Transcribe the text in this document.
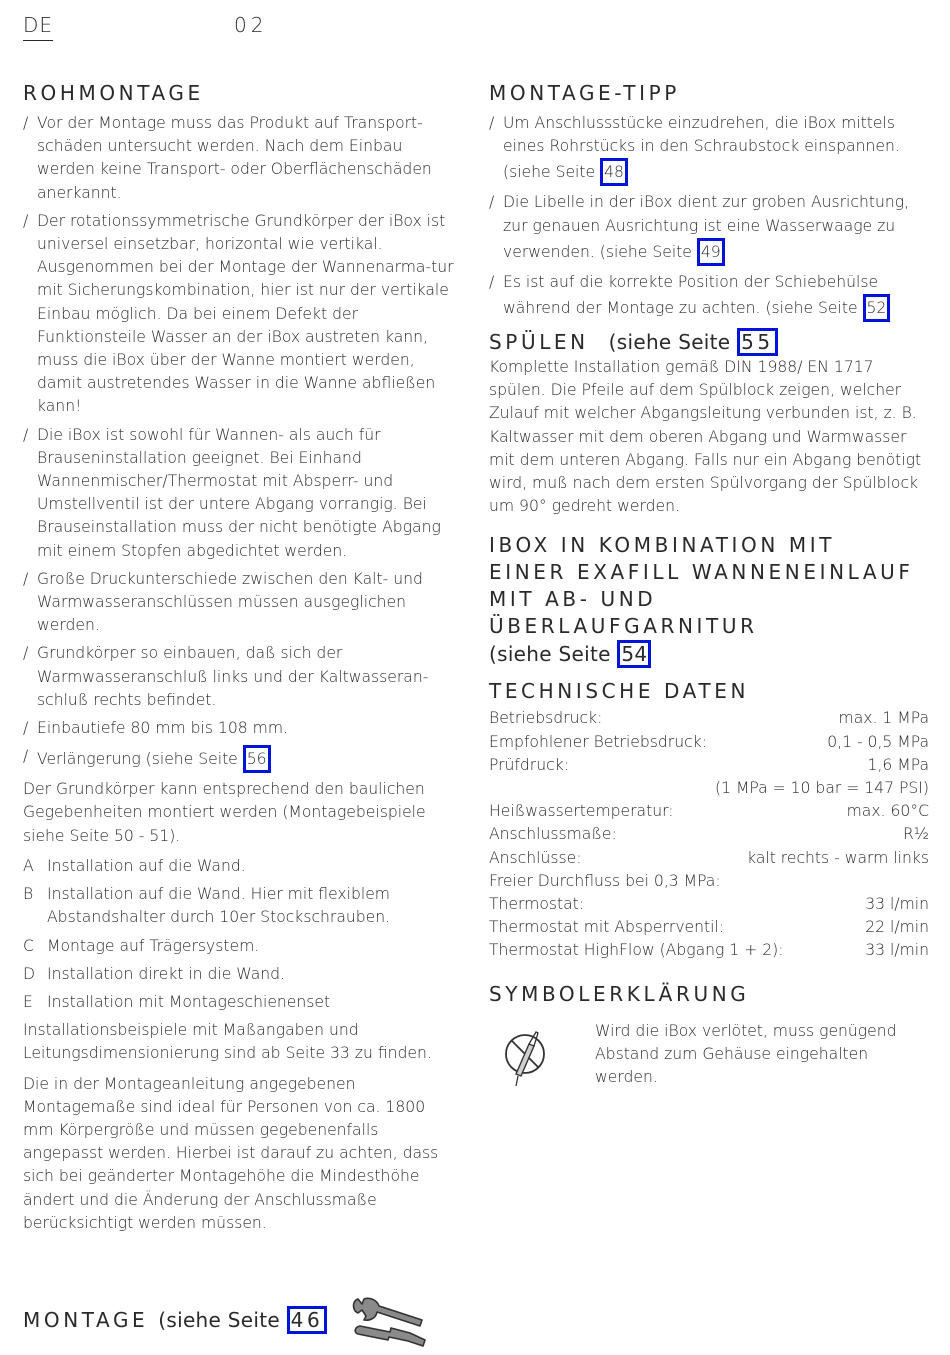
DE	02
ROHMONTAGE
/ Vor der Montage muss das Produkt auf Transport-schäden untersucht werden. Nach dem Einbau werden keine Transport- oder Oberflächenschäden anerkannt.
/ Der rotationssymmetrische Grundkörper der iBox ist universel einsetzbar, horizontal wie vertikal. Ausgenommen bei der Montage der Wannenarma-tur mit Sicherungskombination, hier ist nur der vertikale Einbau möglich. Da bei einem Defekt der Funktionsteile Wasser an der iBox austreten kann, muss die iBox über der Wanne montiert werden, damit austretendes Wasser in die Wanne abfließen kann!
/ Die iBox ist sowohl für Wannen- als auch für Brauseninstallation geeignet. Bei Einhand Wannenmischer/Thermostat mit Absperr- und Umstellventil ist der untere Abgang vorrangig. Bei Brauseinstallation muss der nicht benötigte Abgang mit einem Stopfen abgedichtet werden.
/ Große Druckunterschiede zwischen den Kalt- und Warmwasseranschlüssen müssen ausgeglichen werden.
/ Grundkörper so einbauen, daß sich der Warmwasseranschluß links und der Kaltwasseran-schluß rechts befindet.
/ Einbautiefe 80 mm bis 108 mm.
/ Verlängerung (siehe Seite 56
Der Grundkörper kann entsprechend den baulichen Gegebenheiten montiert werden (Montagebeispiele siehe Seite 50 - 51).
A Installation auf die Wand.
B Installation auf die Wand. Hier mit flexiblem Abstandshalter durch 10er Stockschrauben.
C Montage auf Trägersystem.
D Installation direkt in die Wand.
E Installation mit Montageschienenset
Installationsbeispiele mit Maßangaben und Leitungsdimensionierung sind ab Seite 33 zu finden.
Die in der Montageanleitung angegebenen Montagemaße sind ideal für Personen von ca. 1800 mm Körpergröße und müssen gegebenenfalls angepasst werden. Hierbei ist darauf zu achten, dass sich bei geänderter Montagehöhe die Mindesthöhe ändert und die Änderung der Anschlussmaße berücksichtigt werden müssen.
MONTAGE (siehe Seite 46
MONTAGE-TIPP
/ Um Anschlussstücke einzudrehen, die iBox mittels eines Rohrstücks in den Schraubstock einspannen. (siehe Seite 48
/ Die Libelle in der iBox dient zur groben Ausrichtung, zur genauen Ausrichtung ist eine Wasserwaage zu verwenden. (siehe Seite 49
/ Es ist auf die korrekte Position der Schiebehülse während der Montage zu achten. (siehe Seite 52
SPÜLEN (siehe Seite 55
Komplette Installation gemäß DIN 1988/ EN 1717 spülen. Die Pfeile auf dem Spülblock zeigen, welcher Zulauf mit welcher Abgangsleitung verbunden ist, z. B. Kaltwasser mit dem oberen Abgang und Warmwasser mit dem unteren Abgang. Falls nur ein Abgang benötigt wird, muß nach dem ersten Spülvorgang der Spülblock um 90° gedreht werden.
IBOX IN KOMBINATION MIT
EINER EXAFILL WANNENEINLAUF
MIT AB- UND ÜBERLAUFGARNITUR
(siehe Seite 54
TECHNISCHE DATEN
Betriebsdruck:	max. 1 MPa
Empfohlener Betriebsdruck:	0,1 - 0,5 MPa
Prüfdruck:	1,6 MPa
(1 MPa = 10 bar = 147 PSI)
Heißwassertemperatur:	max. 60°C
Anschlussmaße:	R½
Anschlüsse:	kalt rechts - warm links
Freier Durchfluss bei 0,3 MPa:
Thermostat:	33 l/min
Thermostat mit Absperrventil:	22 l/min
Thermostat HighFlow (Abgang 1 + 2):	33 l/min
SYMBOLERKLÄRUNG
Wird die iBox verlötet, muss genügend Abstand zum Gehäuse eingehalten werden.
